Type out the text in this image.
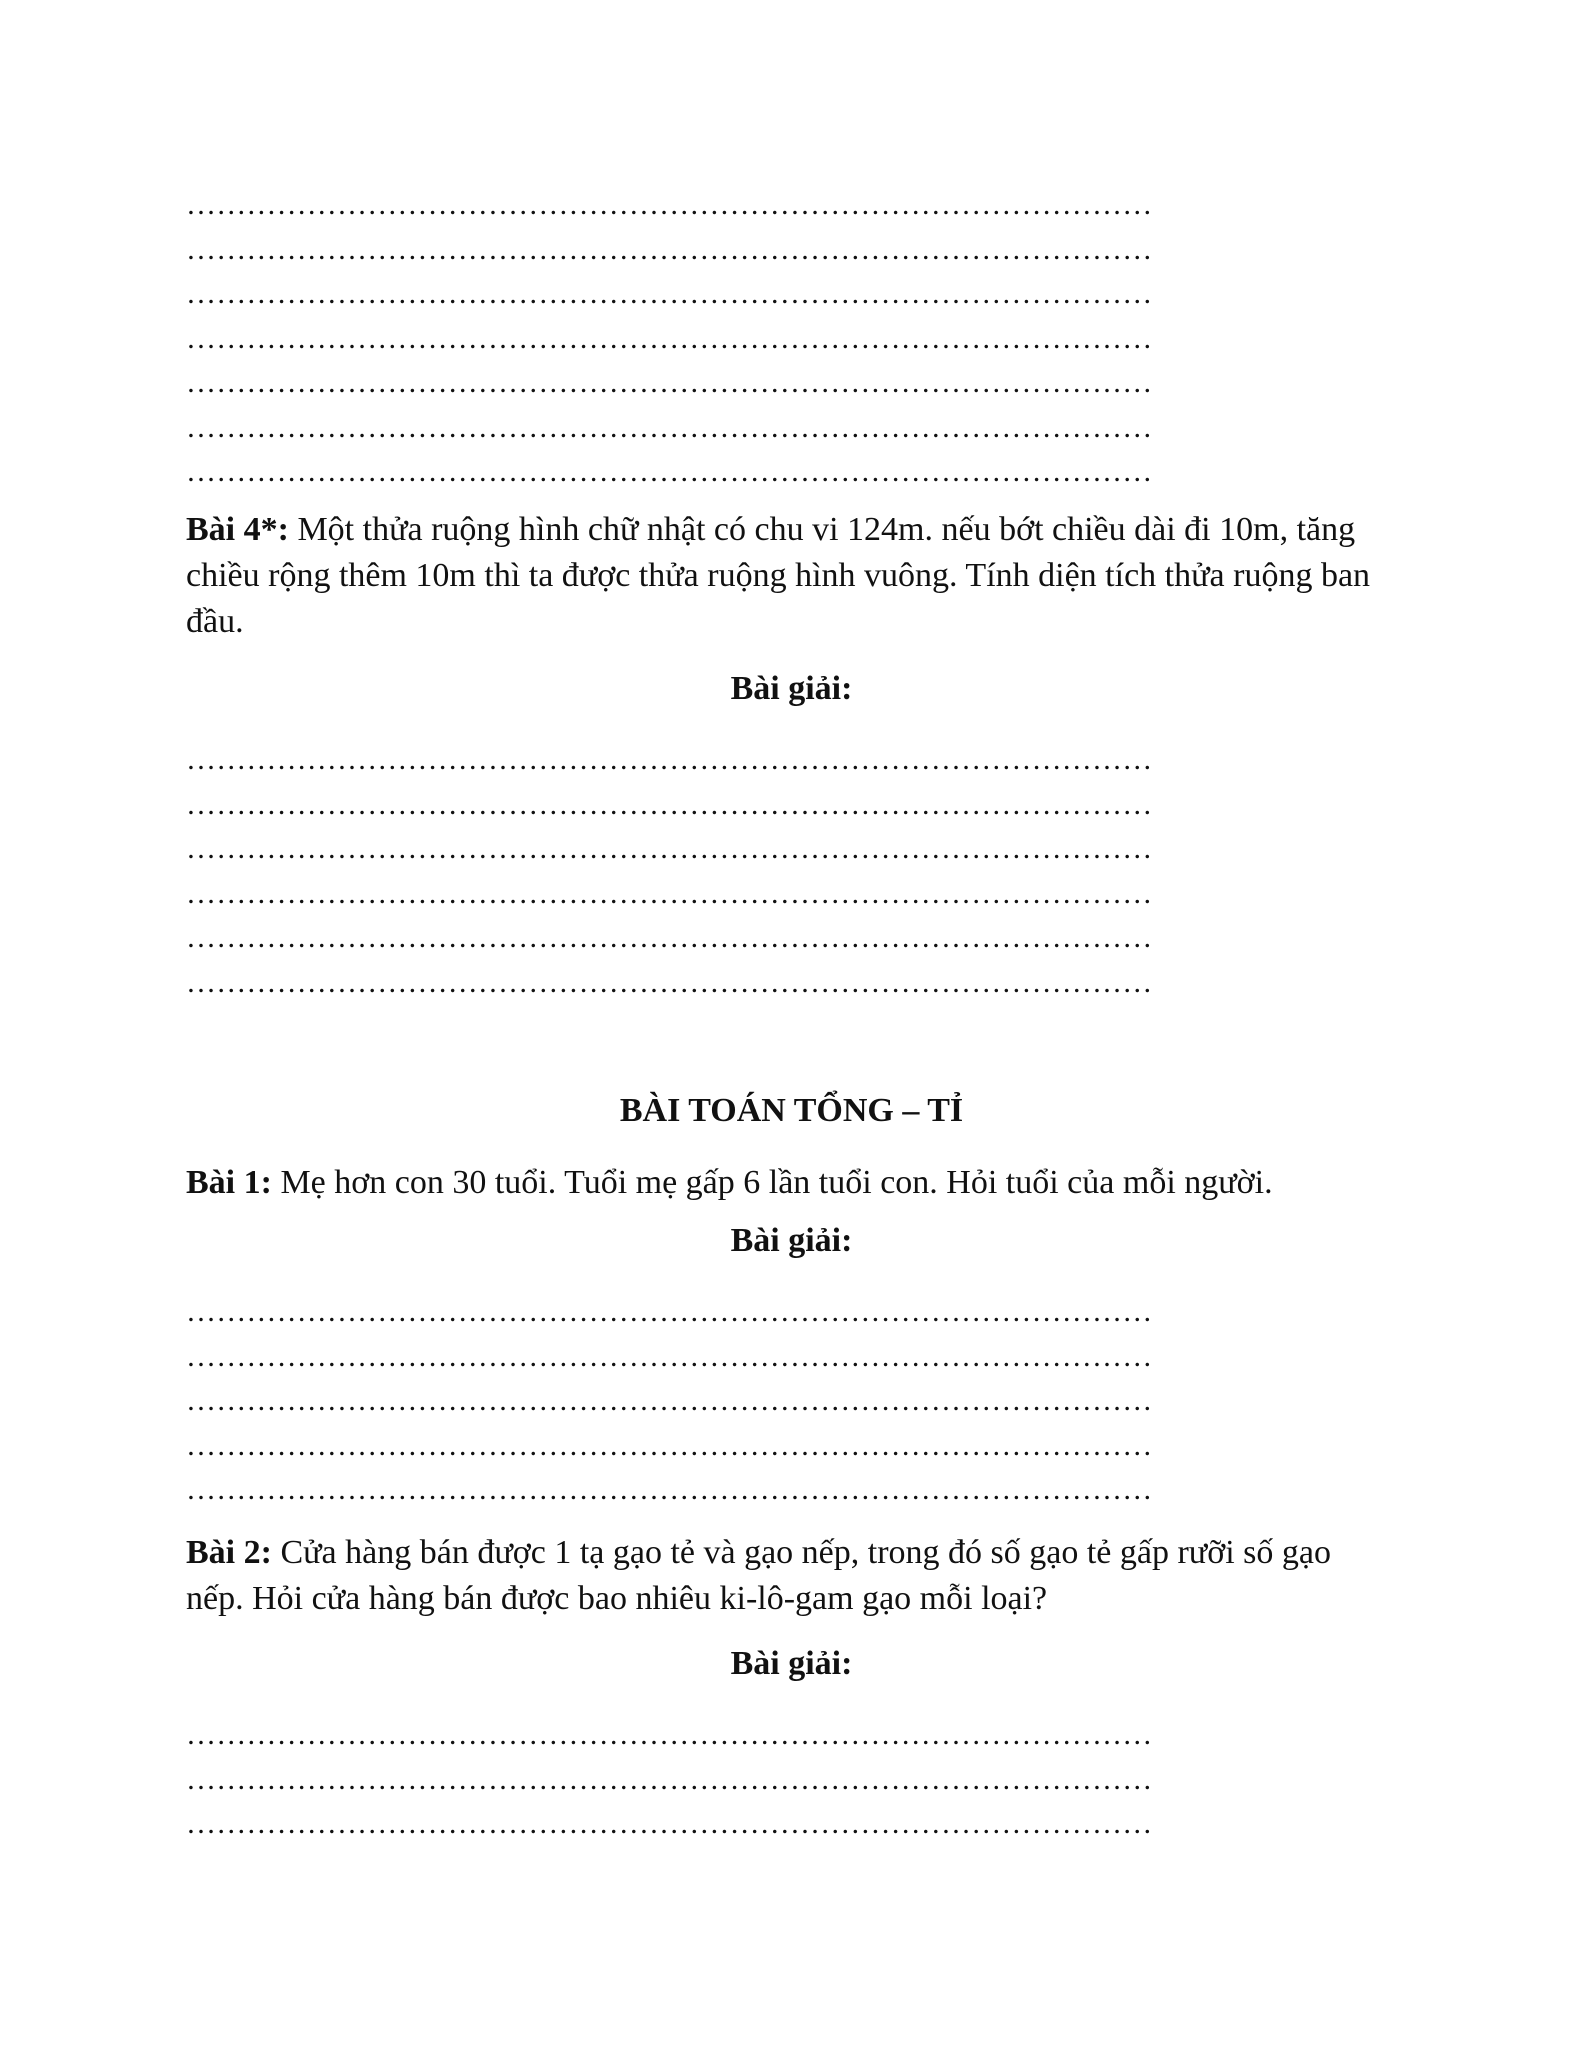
……………………………………………………………………………………
……………………………………………………………………………………
……………………………………………………………………………………
……………………………………………………………………………………
……………………………………………………………………………………
……………………………………………………………………………………
……………………………………………………………………………………
Bài 4*: Một thửa ruộng hình chữ nhật có chu vi 124m. nếu bớt chiều dài đi 10m, tăng chiều rộng thêm 10m thì ta được thửa ruộng hình vuông. Tính diện tích thửa ruộng ban đầu.
Bài giải:
……………………………………………………………………………………
……………………………………………………………………………………
……………………………………………………………………………………
……………………………………………………………………………………
……………………………………………………………………………………
……………………………………………………………………………………
BÀI TOÁN TỔNG – TỈ
Bài 1: Mẹ hơn con 30 tuổi. Tuổi mẹ gấp 6 lần tuổi con. Hỏi tuổi của mỗi người.
Bài giải:
……………………………………………………………………………………
……………………………………………………………………………………
……………………………………………………………………………………
……………………………………………………………………………………
……………………………………………………………………………………
Bài 2: Cửa hàng bán được 1 tạ gạo tẻ và gạo nếp, trong đó số gạo tẻ gấp rưỡi số gạo nếp. Hỏi cửa hàng bán được bao nhiêu ki-lô-gam gạo mỗi loại?
Bài giải:
……………………………………………………………………………………
……………………………………………………………………………………
……………………………………………………………………………………
